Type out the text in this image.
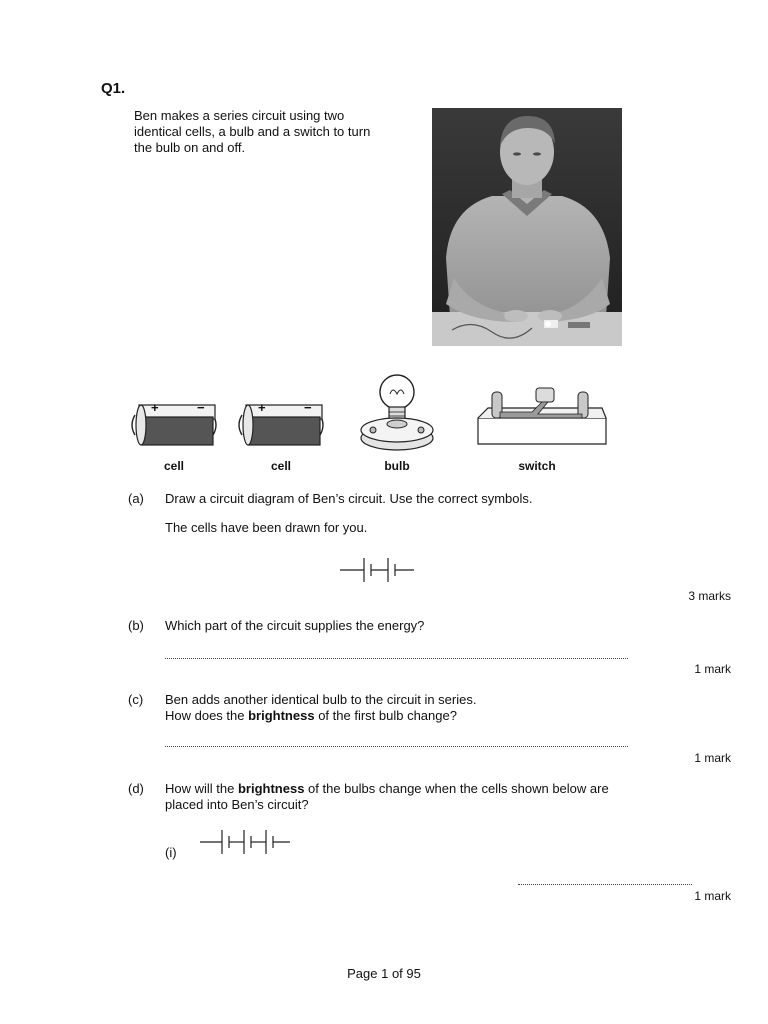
Q1.
Ben makes a series circuit using two identical cells, a bulb and a switch to turn the bulb on and off.
+	−
cell
+	−
cell	bulb	switch
(a)	Draw a circuit diagram of Ben’s circuit. Use the correct symbols.
The cells have been drawn for you.
3 marks
(b)	Which part of the circuit supplies the energy?
1 mark
(c)	Ben adds another identical bulb to the circuit in series.
How does the brightness of the first bulb change?
1 mark
(d)	How will the brightness of the bulbs change when the cells shown below are
placed into Ben’s circuit?
(i)
1 mark
Page 1 of 95
